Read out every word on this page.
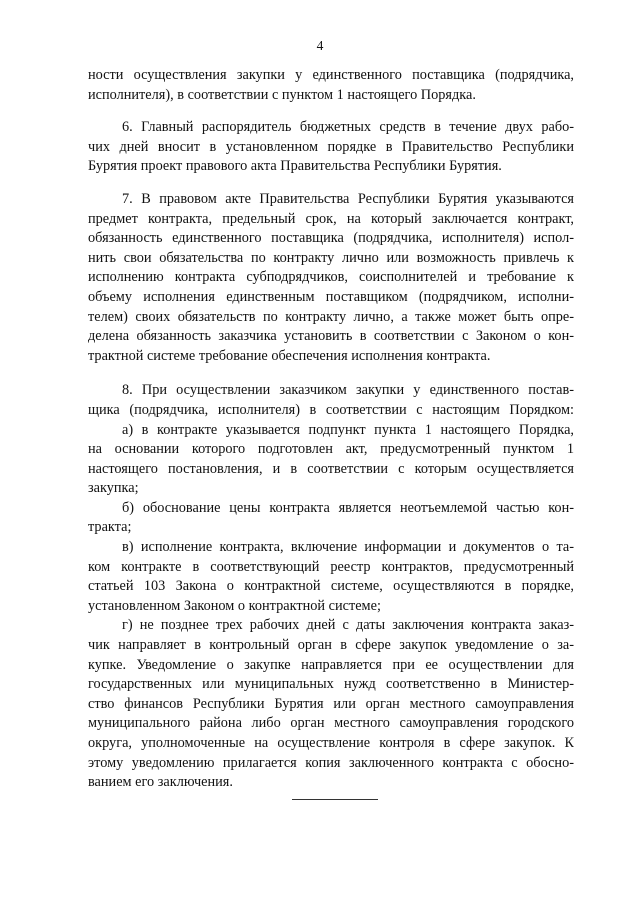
4
ности осуществления закупки у единственного поставщика (подрядчика,
исполнителя), в соответствии с пунктом 1 настоящего Порядка.
6. Главный распорядитель бюджетных средств в течение двух рабо-
чих дней вносит в установленном порядке в Правительство Республики
Бурятия проект правового акта Правительства Республики Бурятия.
7. В правовом акте Правительства Республики Бурятия указываются
предмет контракта, предельный срок, на который заключается контракт,
обязанность единственного поставщика (подрядчика, исполнителя) испол-
нить свои обязательства по контракту лично или возможность привлечь к
исполнению контракта субподрядчиков, соисполнителей и требование к
объему исполнения единственным поставщиком (подрядчиком, исполни-
телем) своих обязательств по контракту лично, а также может быть опре-
делена обязанность заказчика установить в соответствии с Законом о кон-
трактной системе требование обеспечения исполнения контракта.
8. При осуществлении заказчиком закупки у единственного постав-
щика (подрядчика, исполнителя) в соответствии с настоящим Порядком:
а) в контракте указывается подпункт пункта 1 настоящего Порядка,
на основании которого подготовлен акт, предусмотренный пунктом 1
настоящего постановления, и в соответствии с которым осуществляется
закупка;
б) обоснование цены контракта является неотъемлемой частью кон-
тракта;
в) исполнение контракта, включение информации и документов о та-
ком контракте в соответствующий реестр контрактов, предусмотренный
статьей 103 Закона о контрактной системе, осуществляются в порядке,
установленном Законом о контрактной системе;
г) не позднее трех рабочих дней с даты заключения контракта заказ-
чик направляет в контрольный орган в сфере закупок уведомление о за-
купке. Уведомление о закупке направляется при ее осуществлении для
государственных или муниципальных нужд соответственно в Министер-
ство финансов Республики Бурятия или орган местного самоуправления
муниципального района либо орган местного самоуправления городского
округа, уполномоченные на осуществление контроля в сфере закупок. К
этому уведомлению прилагается копия заключенного контракта с обосно-
ванием его заключения.
